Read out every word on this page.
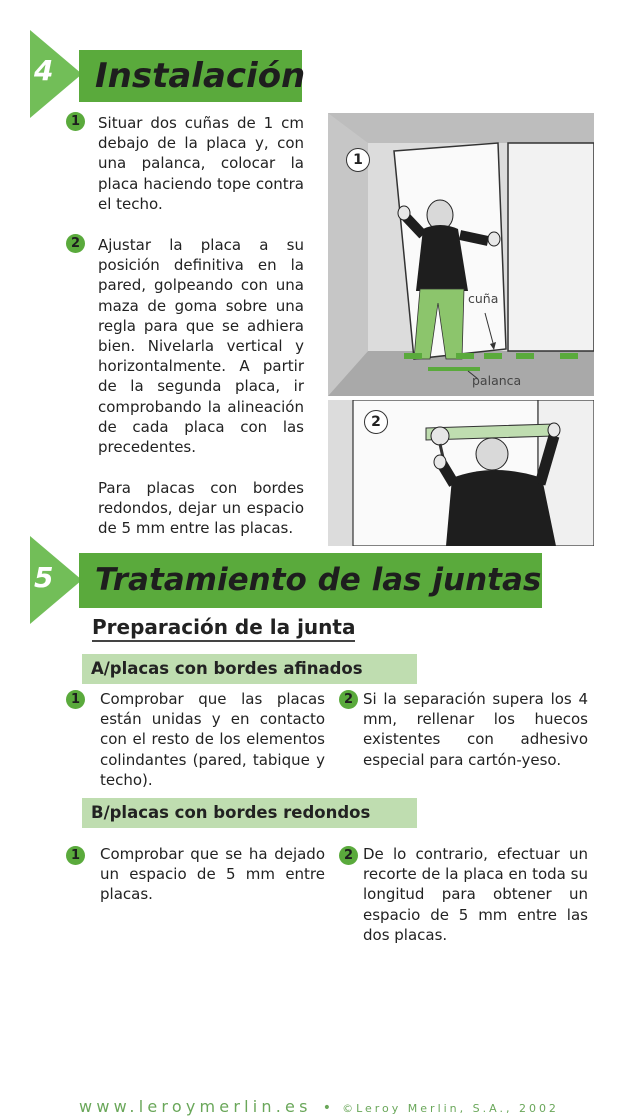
4	Instalación
1	Situar dos cuñas de 1 cm debajo de la placa y, con una palanca, colocar la placa haciendo tope contra el techo.
2	Ajustar la placa a su posición definitiva en la pared, golpeando con una maza de goma sobre una regla para que se adhiera bien. Nivelarla vertical y horizontalmente. A partir de la segunda placa, ir comprobando la alineación de cada placa con las precedentes.
Para placas con bordes redondos, dejar un espacio de 5 mm entre las placas.
1
cuña
palanca
2
5	Tratamiento de las juntas
Preparación de la junta
A/placas con bordes afinados
1	Comprobar que las placas están unidas y en contacto con el resto de los elementos colindantes (pared, tabique y techo).
2 Si la separación supera los 4 mm, rellenar los huecos existentes con adhesivo especial para cartón-yeso.
B/placas con bordes redondos
1	Comprobar que se ha dejado un espacio de 5 mm entre placas.
2 De lo contrario, efectuar un recorte de la placa en toda su longitud para obtener un espacio de 5 mm entre las dos placas.
www.leroymerlin.es • ©Leroy Merlin, S.A., 2002
